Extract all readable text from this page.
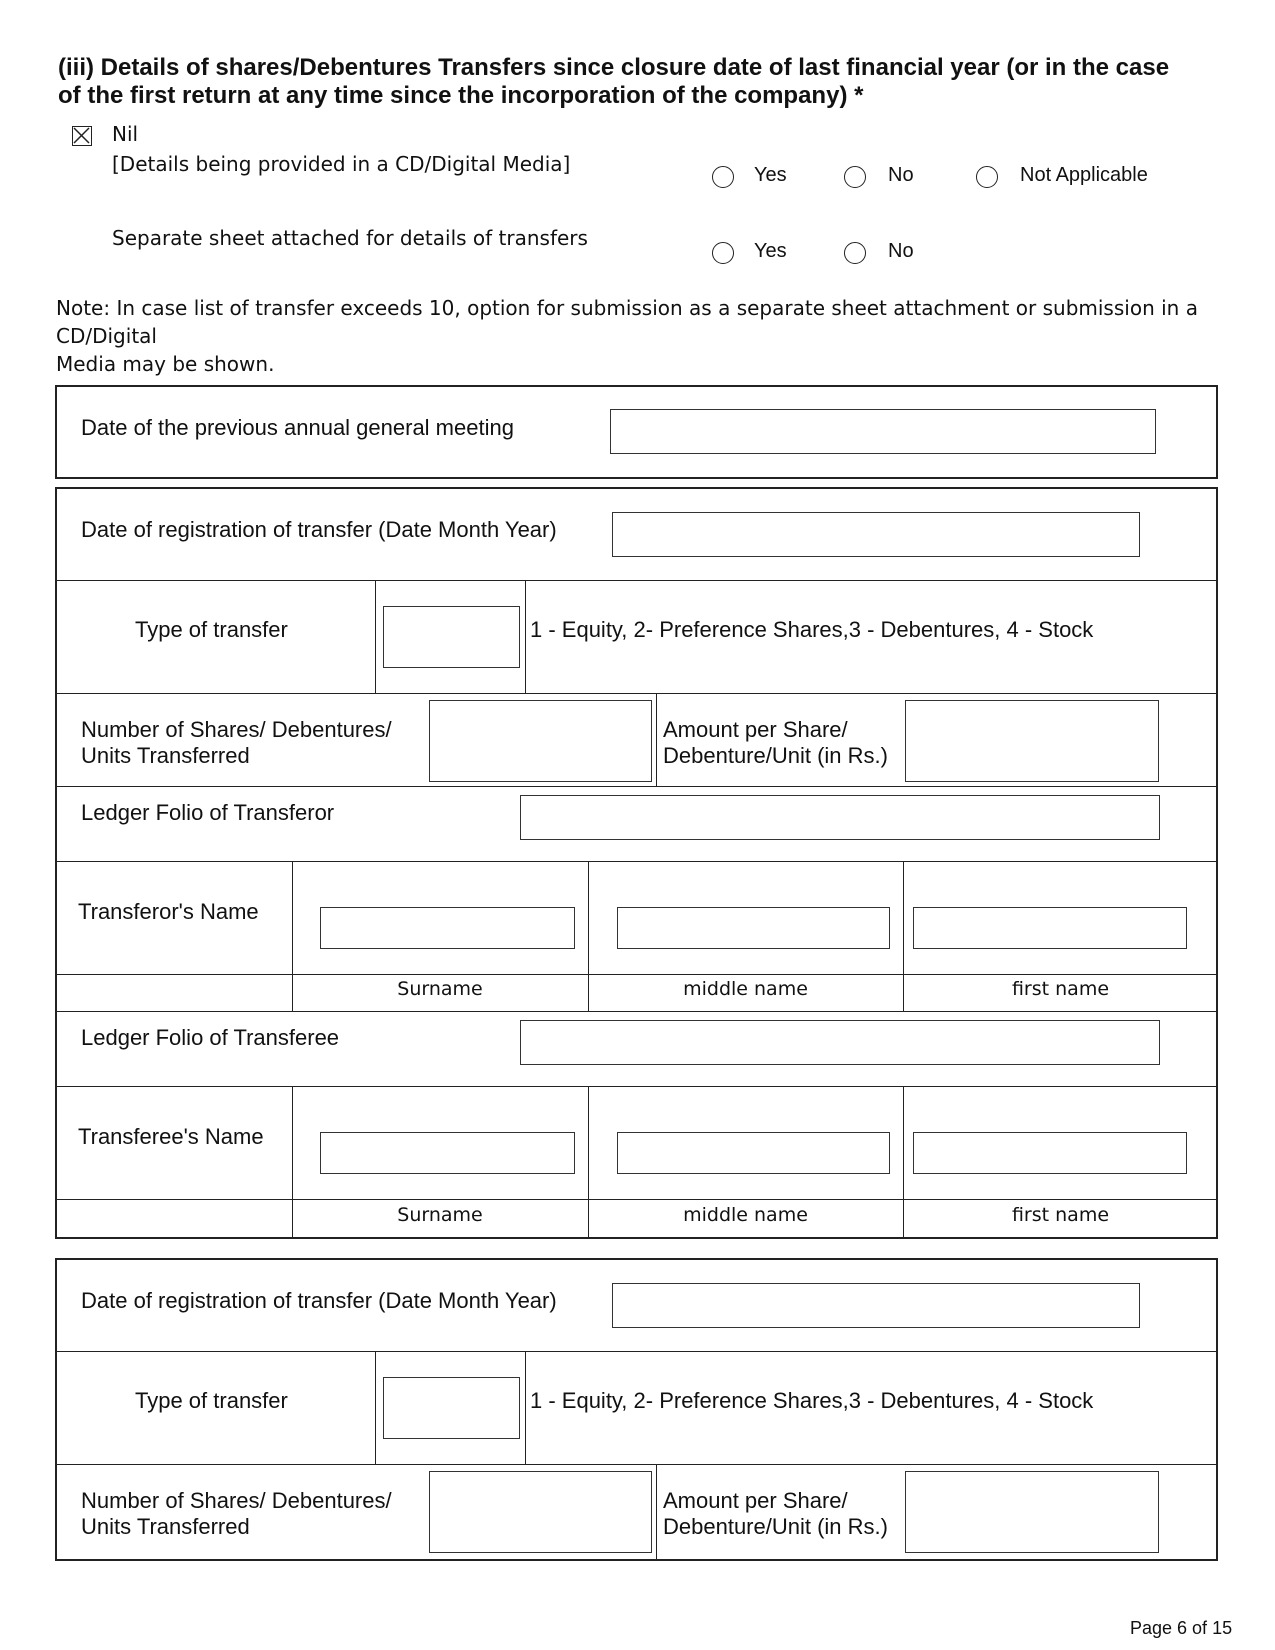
(iii) Details of shares/Debentures Transfers since closure date of last financial year (or in the case
of the first return at any time since the incorporation of the company) *
Nil
[Details being provided in a CD/Digital Media]	Yes	No	Not Applicable
Separate sheet attached for details of transfers
Yes	No
Note: In case list of transfer exceeds 10, option for submission as a separate sheet attachment or submission in a CD/Digital
Media may be shown.
Date of the previous annual general meeting
Date of registration of transfer (Date Month Year)
Type of transfer	1 - Equity, 2- Preference Shares,3 - Debentures, 4 - Stock
Number of Shares/ Debentures/
Units Transferred
Amount per Share/
Debenture/Unit (in Rs.)
Ledger Folio of Transferor
Transferor's Name
Surname	middle name	first name
Ledger Folio of Transferee
Transferee's Name
Surname	middle name	first name
Date of registration of transfer (Date Month Year)
Type of transfer	1 - Equity, 2- Preference Shares,3 - Debentures, 4 - Stock
Number of Shares/ Debentures/
Units Transferred
Amount per Share/
Debenture/Unit (in Rs.)
Page 6 of 15
